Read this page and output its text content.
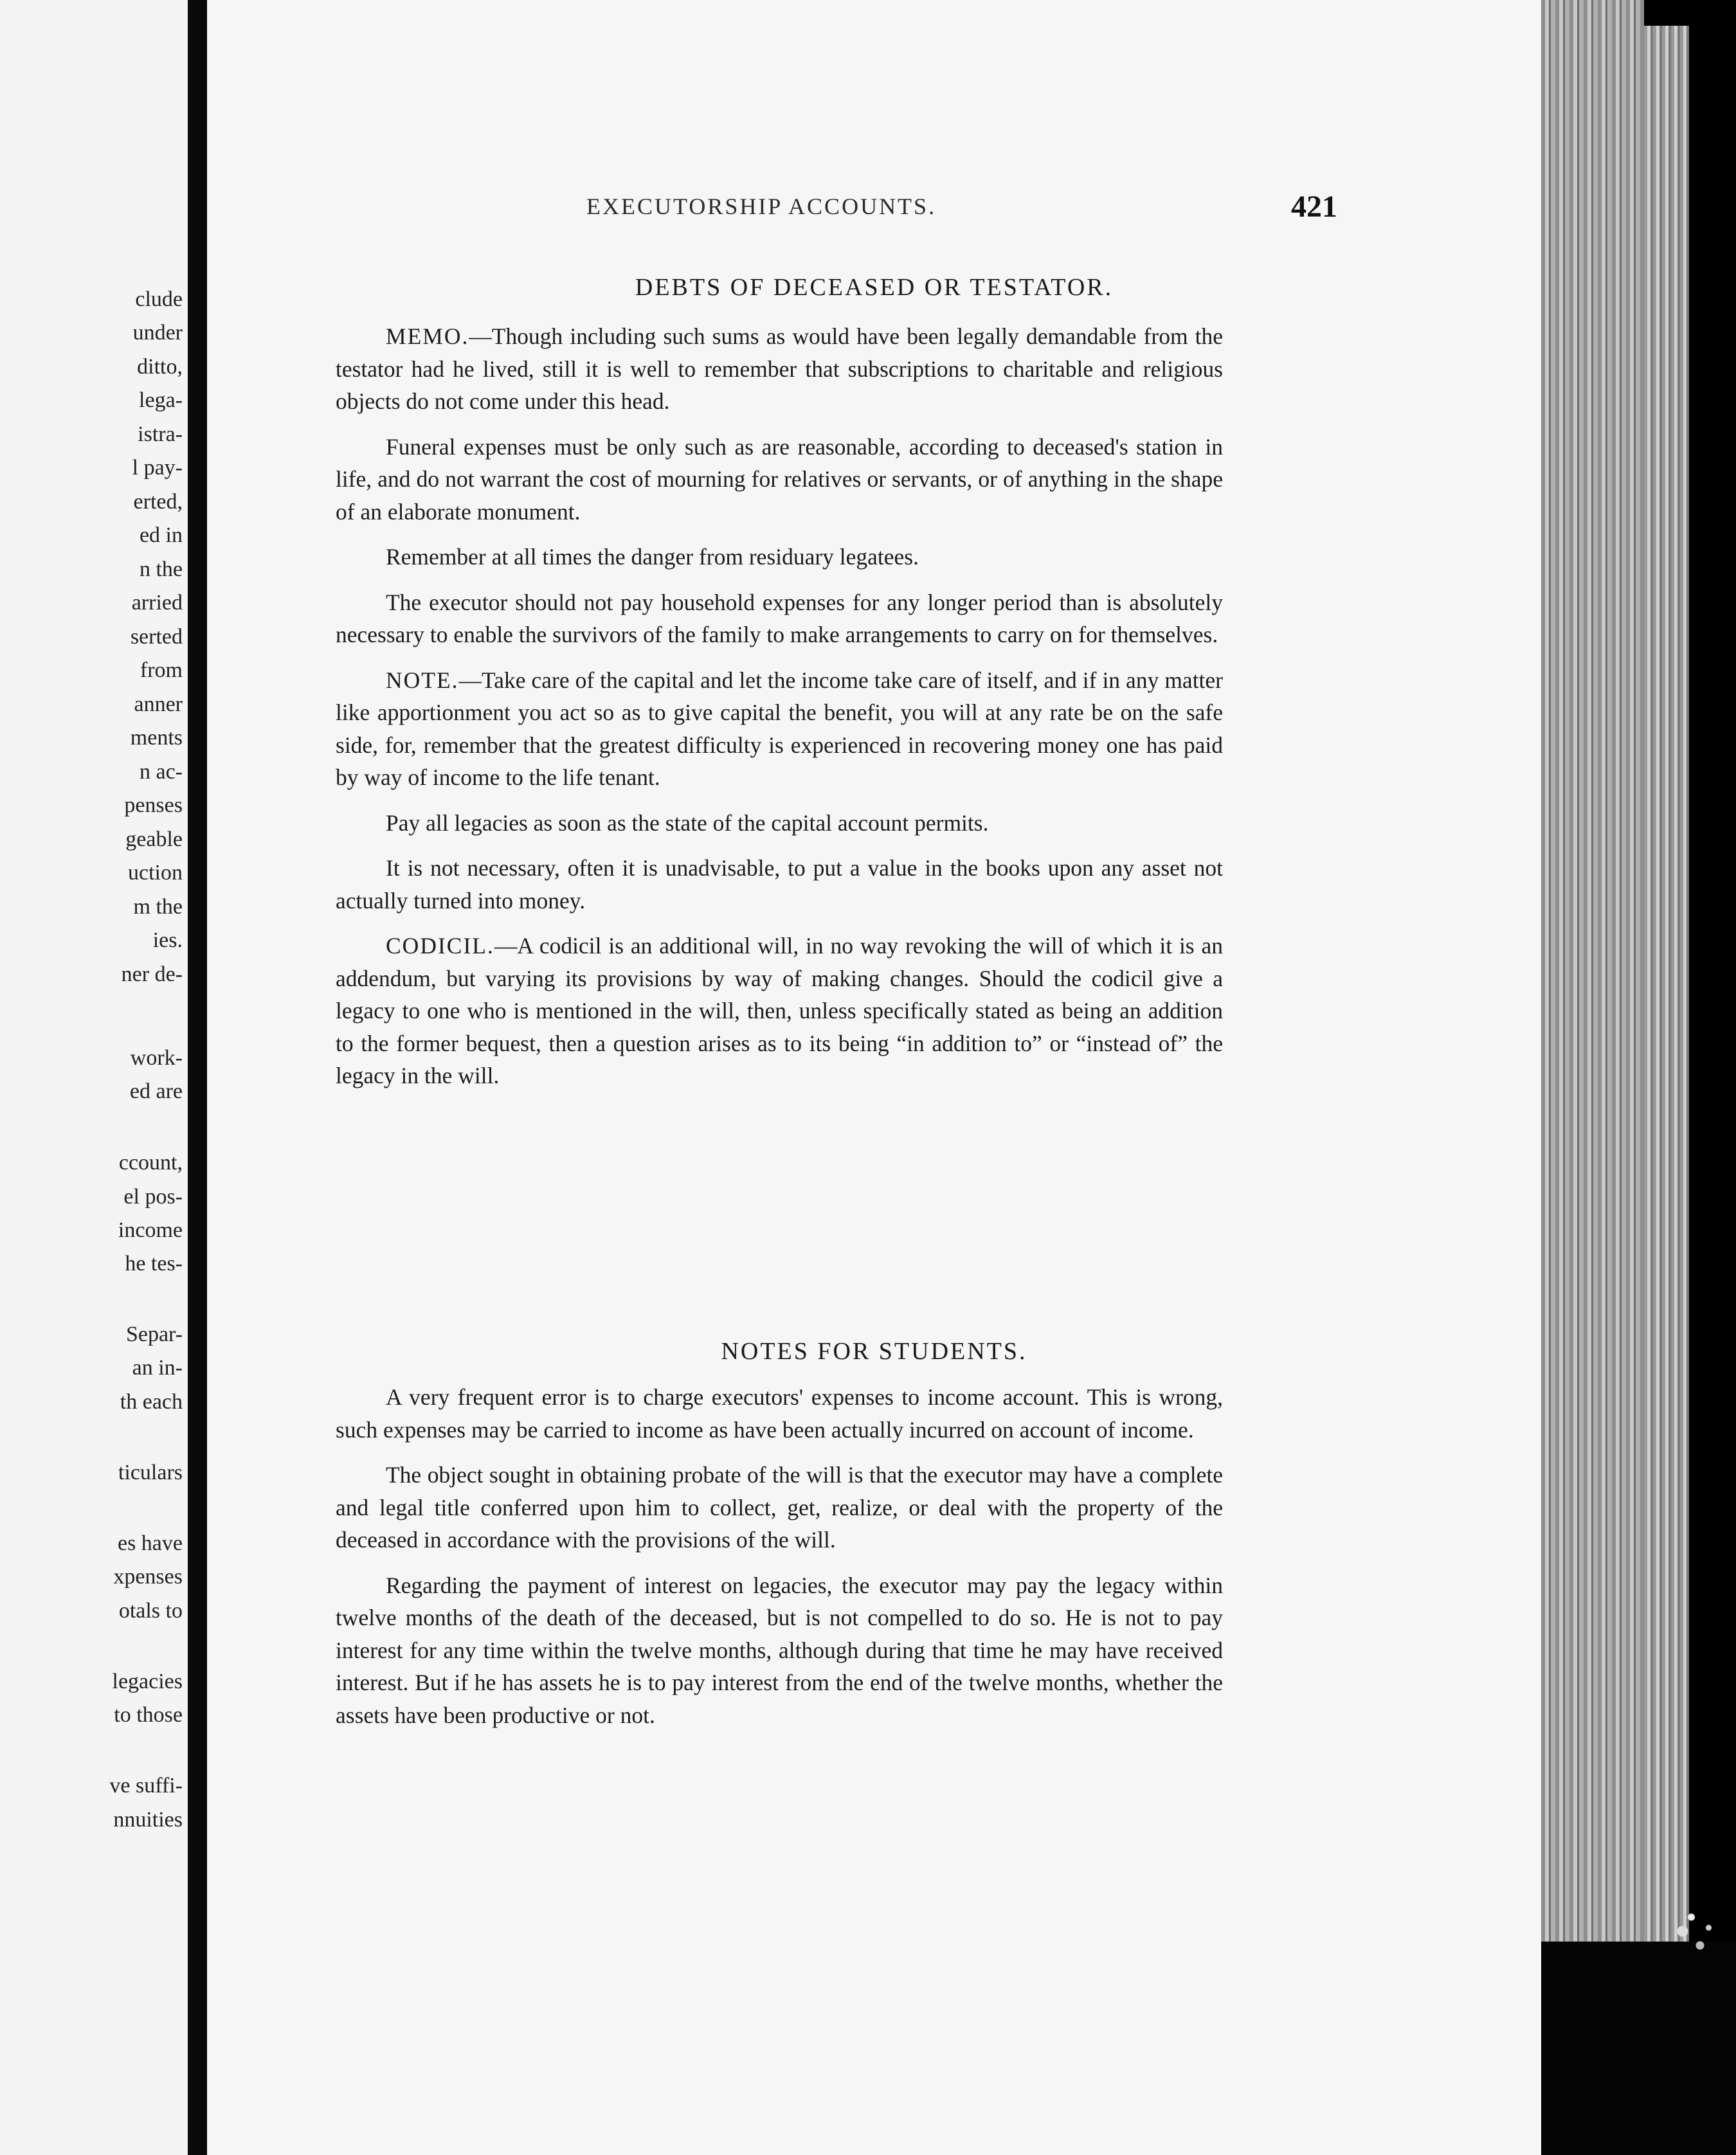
clude
under
ditto,
lega-
istra-
l pay-
erted,
ed in
n the
arried
serted
from
anner
ments
n ac-
penses
geable
uction
m the
ies.
ner de-
work-
ed are
ccount,
el pos-
income
he tes-
Separ-
an in-
th each
ticulars
es have
xpenses
otals to
legacies
to those
ve suffi-
nnuities
EXECUTORSHIP ACCOUNTS.	421
DEBTS OF DECEASED OR TESTATOR.

MEMO.—Though including such sums as would have been legally demandable from the testator had he lived, still it is well to remember that subscriptions to charitable and religious objects do not come under this head.

Funeral expenses must be only such as are reasonable, according to deceased's station in life, and do not warrant the cost of mourning for relatives or servants, or of anything in the shape of an elaborate monument.

Remember at all times the danger from residuary legatees.

The executor should not pay household expenses for any longer period than is absolutely necessary to enable the survivors of the family to make arrangements to carry on for themselves.

NOTE.—Take care of the capital and let the income take care of itself, and if in any matter like apportionment you act so as to give capital the benefit, you will at any rate be on the safe side, for, remember that the greatest difficulty is experienced in recovering money one has paid by way of income to the life tenant.

Pay all legacies as soon as the state of the capital account permits.

It is not necessary, often it is unadvisable, to put a value in the books upon any asset not actually turned into money.

CODICIL.—A codicil is an additional will, in no way revoking the will of which it is an addendum, but varying its provisions by way of making changes. Should the codicil give a legacy to one who is mentioned in the will, then, unless specifically stated as being an addition to the former bequest, then a question arises as to its being “in addition to” or “instead of” the legacy in the will.

NOTES FOR STUDENTS.

A very frequent error is to charge executors' expenses to income account. This is wrong, such expenses may be carried to income as have been actually incurred on account of income.

The object sought in obtaining probate of the will is that the executor may have a complete and legal title conferred upon him to collect, get, realize, or deal with the property of the deceased in accordance with the provisions of the will.

Regarding the payment of interest on legacies, the executor may pay the legacy within twelve months of the death of the deceased, but is not compelled to do so. He is not to pay interest for any time within the twelve months, although during that time he may have received interest. But if he has assets he is to pay interest from the end of the twelve months, whether the assets have been productive or not.
